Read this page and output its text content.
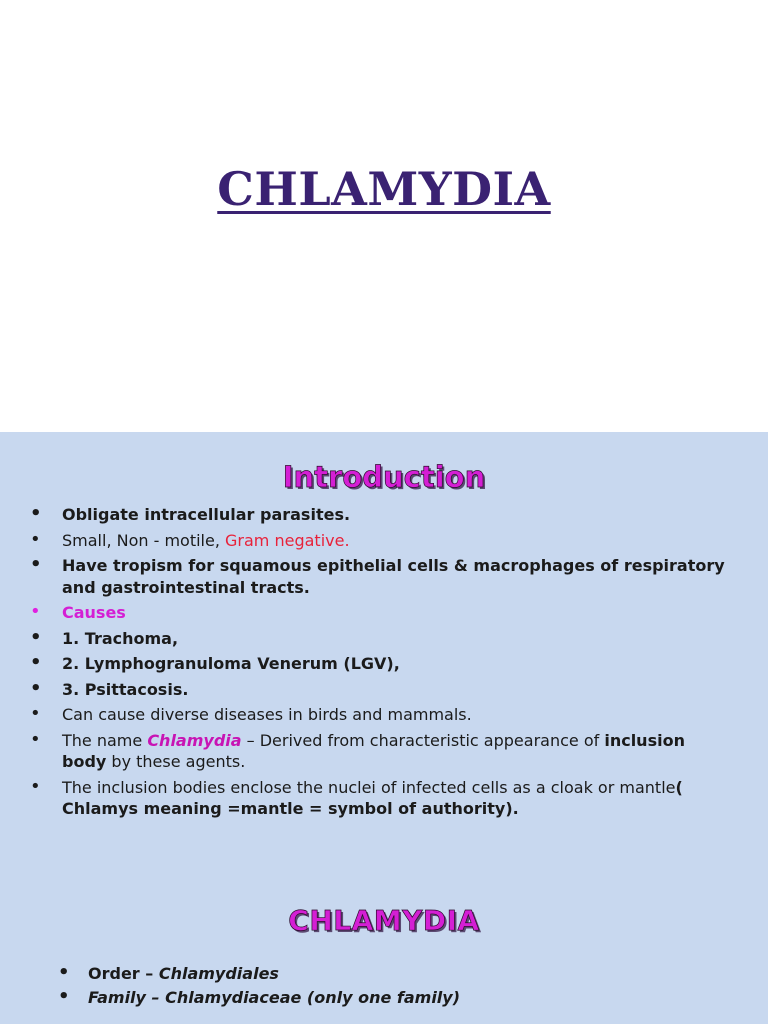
CHLAMYDIA
Introduction
• Obligate intracellular parasites.
• Small, Non - motile, Gram negative.
• Have tropism for squamous epithelial cells & macrophages of respiratory and gastrointestinal tracts.
• Causes
• 1. Trachoma,
• 2. Lymphogranuloma Venerum (LGV),
• 3. Psittacosis.
• Can cause diverse diseases in birds and mammals.
• The name Chlamydia – Derived from characteristic appearance of inclusion body by these agents.
• The inclusion bodies enclose the nuclei of infected cells as a cloak or mantle( Chlamys meaning =mantle = symbol of authority).
CHLAMYDIA
• Order – Chlamydiales
• Family – Chlamydiaceae (only one family)
